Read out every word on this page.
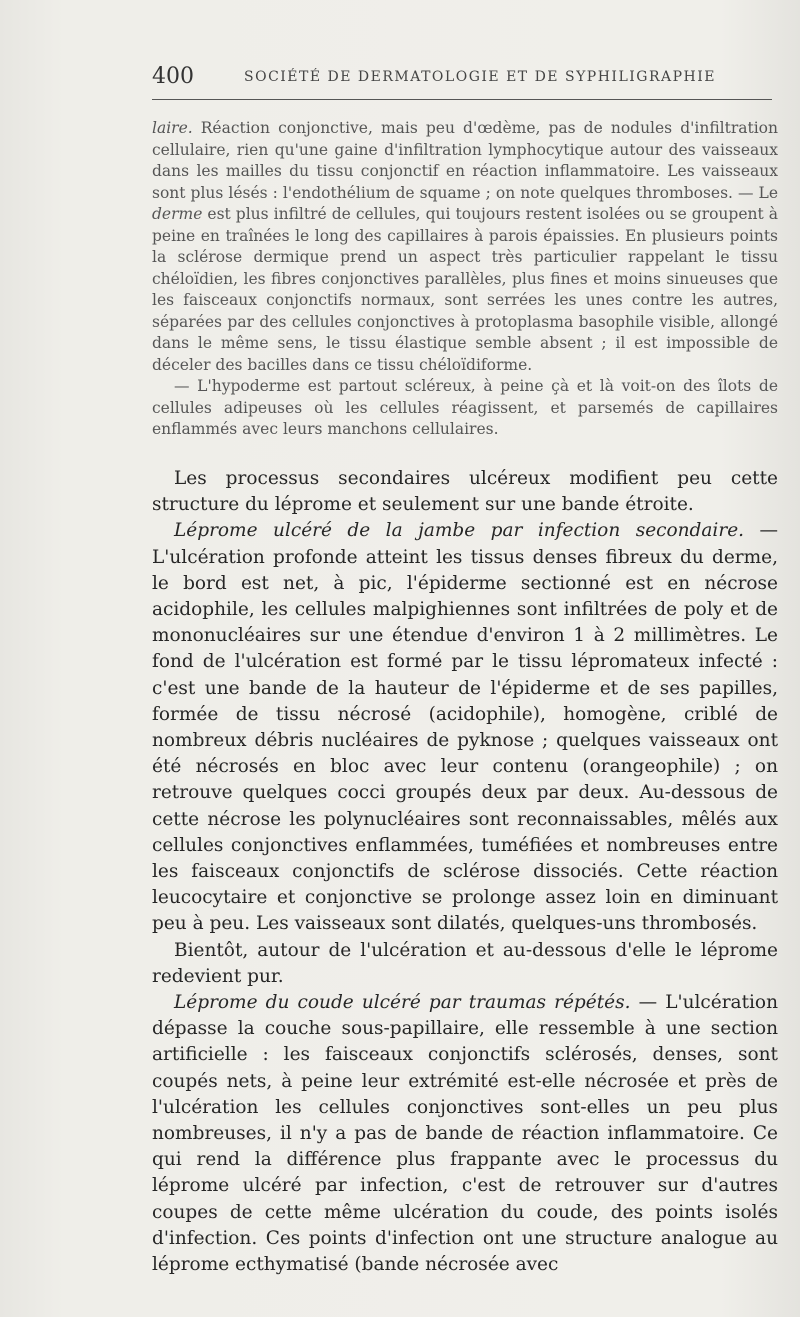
400	SOCIÉTÉ DE DERMATOLOGIE ET DE SYPHILIGRAPHIE

laire. Réaction conjonctive, mais peu d'œdème, pas de nodules d'infiltration cellulaire, rien qu'une gaine d'infiltration lymphocytique autour des vaisseaux dans les mailles du tissu conjonctif en réaction inflammatoire. Les vaisseaux sont plus lésés : l'endothélium de squame ; on note quelques thromboses. — Le derme est plus infiltré de cellules, qui toujours restent isolées ou se groupent à peine en traînées le long des capillaires à parois épaissies. En plusieurs points la sclérose dermique prend un aspect très particulier rappelant le tissu chéloïdien, les fibres conjonctives parallèles, plus fines et moins sinueuses que les faisceaux conjonctifs normaux, sont serrées les unes contre les autres, séparées par des cellules conjonctives à protoplasma basophile visible, allongé dans le même sens, le tissu élastique semble absent ; il est impossible de déceler des bacilles dans ce tissu chéloïdiforme.

— L'hypoderme est partout scléreux, à peine çà et là voit-on des îlots de cellules adipeuses où les cellules réagissent, et parsemés de capillaires enflammés avec leurs manchons cellulaires.

Les processus secondaires ulcéreux modifient peu cette structure du léprome et seulement sur une bande étroite.

Léprome ulcéré de la jambe par infection secondaire. — L'ulcération profonde atteint les tissus denses fibreux du derme, le bord est net, à pic, l'épiderme sectionné est en nécrose acidophile, les cellules malpighiennes sont infiltrées de poly et de mononucléaires sur une étendue d'environ 1 à 2 millimètres. Le fond de l'ulcération est formé par le tissu lépromateux infecté : c'est une bande de la hauteur de l'épiderme et de ses papilles, formée de tissu nécrosé (acidophile), homogène, criblé de nombreux débris nucléaires de pyknose ; quelques vaisseaux ont été nécrosés en bloc avec leur contenu (orangeophile) ; on retrouve quelques cocci groupés deux par deux. Au-dessous de cette nécrose les polynucléaires sont reconnaissables, mêlés aux cellules conjonctives enflammées, tuméfiées et nombreuses entre les faisceaux conjonctifs de sclérose dissociés. Cette réaction leucocytaire et conjonctive se prolonge assez loin en diminuant peu à peu. Les vaisseaux sont dilatés, quelques-uns thrombosés.

Bientôt, autour de l'ulcération et au-dessous d'elle le léprome redevient pur.

Léprome du coude ulcéré par traumas répétés. — L'ulcération dépasse la couche sous-papillaire, elle ressemble à une section artificielle : les faisceaux conjonctifs sclérosés, denses, sont coupés nets, à peine leur extrémité est-elle nécrosée et près de l'ulcération les cellules conjonctives sont-elles un peu plus nombreuses, il n'y a pas de bande de réaction inflammatoire. Ce qui rend la différence plus frappante avec le processus du léprome ulcéré par infection, c'est de retrouver sur d'autres coupes de cette même ulcération du coude, des points isolés d'infection. Ces points d'infection ont une structure analogue au léprome ecthymatisé (bande nécrosée avec
